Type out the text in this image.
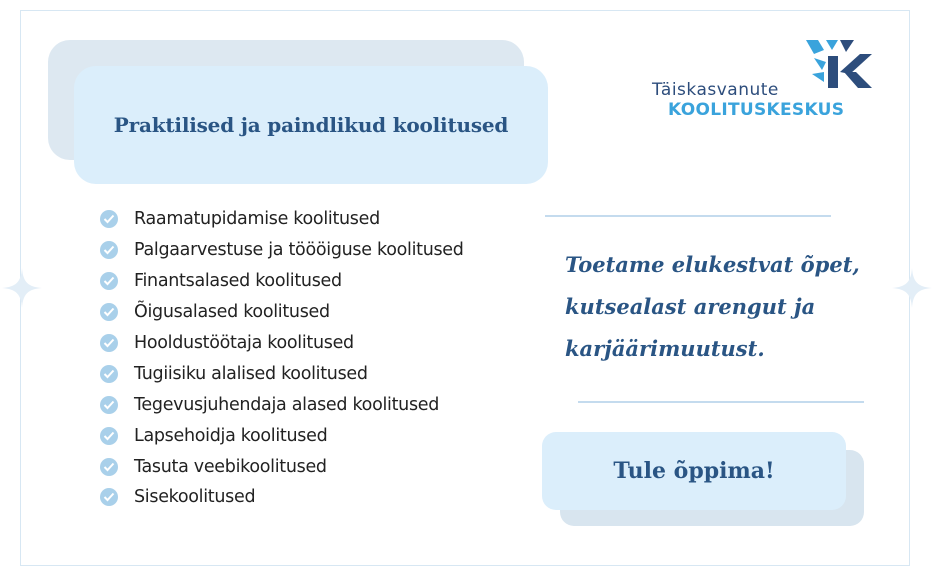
Praktilised ja paindlikud koolitused
Täiskasvanute
KOOLITUSKESKUS
Raamatupidamise koolitused
Palgaarvestuse ja töööiguse koolitused
Finantsalased koolitused
Õigusalased koolitused
Hooldustöötaja koolitused
Tugiisiku alalised koolitused
Tegevusjuhendaja alased koolitused
Lapsehoidja koolitused
Tasuta veebikoolitused
Sisekoolitused
Toetame elukestvat õpet,
kutsealast arengut ja
karjäärimuutust.
Tule õppima!
